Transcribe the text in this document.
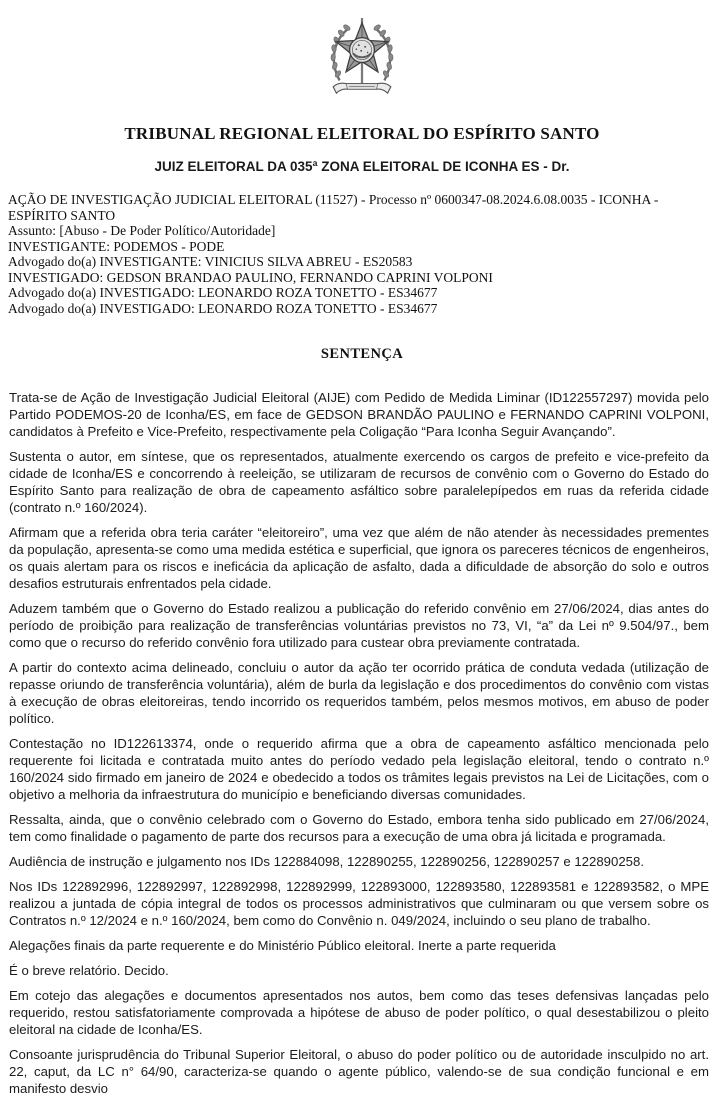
TRIBUNAL REGIONAL ELEITORAL DO ESPÍRITO SANTO
JUIZ ELEITORAL DA 035ª ZONA ELEITORAL DE ICONHA ES - Dr.
AÇÃO DE INVESTIGAÇÃO JUDICIAL ELEITORAL (11527) - Processo nº 0600347-08.2024.6.08.0035 - ICONHA - ESPÍRITO SANTO
Assunto: [Abuso - De Poder Político/Autoridade]
INVESTIGANTE: PODEMOS - PODE
Advogado do(a) INVESTIGANTE: VINICIUS SILVA ABREU - ES20583
INVESTIGADO: GEDSON BRANDAO PAULINO, FERNANDO CAPRINI VOLPONI
Advogado do(a) INVESTIGADO: LEONARDO ROZA TONETTO - ES34677
Advogado do(a) INVESTIGADO: LEONARDO ROZA TONETTO - ES34677
SENTENÇA

Trata-se de Ação de Investigação Judicial Eleitoral (AIJE) com Pedido de Medida Liminar (ID122557297) movida pelo Partido PODEMOS-20 de Iconha/ES, em face de GEDSON BRANDÃO PAULINO e FERNANDO CAPRINI VOLPONI, candidatos à Prefeito e Vice-Prefeito, respectivamente pela Coligação “Para Iconha Seguir Avançando”.

Sustenta o autor, em síntese, que os representados, atualmente exercendo os cargos de prefeito e vice-prefeito da cidade de Iconha/ES e concorrendo à reeleição, se utilizaram de recursos de convênio com o Governo do Estado do Espírito Santo para realização de obra de capeamento asfáltico sobre paralelepípedos em ruas da referida cidade (contrato n.º 160/2024).

Afirmam que a referida obra teria caráter “eleitoreiro”, uma vez que além de não atender às necessidades prementes da população, apresenta-se como uma medida estética e superficial, que ignora os pareceres técnicos de engenheiros, os quais alertam para os riscos e ineficácia da aplicação de asfalto, dada a dificuldade de absorção do solo e outros desafios estruturais enfrentados pela cidade.

Aduzem também que o Governo do Estado realizou a publicação do referido convênio em 27/06/2024, dias antes do período de proibição para realização de transferências voluntárias previstos no 73, VI, “a” da Lei nº 9.504/97., bem como que o recurso do referido convênio fora utilizado para custear obra previamente contratada.

A partir do contexto acima delineado, concluiu o autor da ação ter ocorrido prática de conduta vedada (utilização de repasse oriundo de transferência voluntária), além de burla da legislação e dos procedimentos do convênio com vistas à execução de obras eleitoreiras, tendo incorrido os requeridos também, pelos mesmos motivos, em abuso de poder político.

Contestação no ID122613374, onde o requerido afirma que a obra de capeamento asfáltico mencionada pelo requerente foi licitada e contratada muito antes do período vedado pela legislação eleitoral, tendo o contrato n.º 160/2024 sido firmado em janeiro de 2024 e obedecido a todos os trâmites legais previstos na Lei de Licitações, com o objetivo a melhoria da infraestrutura do município e beneficiando diversas comunidades.

Ressalta, ainda, que o convênio celebrado com o Governo do Estado, embora tenha sido publicado em 27/06/2024, tem como finalidade o pagamento de parte dos recursos para a execução de uma obra já licitada e programada.

Audiência de instrução e julgamento nos IDs 122884098, 122890255, 122890256, 122890257 e 122890258.

Nos IDs 122892996, 122892997, 122892998, 122892999, 122893000, 122893580, 122893581 e 122893582, o MPE realizou a juntada de cópia integral de todos os processos administrativos que culminaram ou que versem sobre os Contratos n.º 12/2024 e n.º 160/2024, bem como do Convênio n. 049/2024, incluindo o seu plano de trabalho.

Alegações finais da parte requerente e do Ministério Público eleitoral. Inerte a parte requerida

É o breve relatório. Decido.

Em cotejo das alegações e documentos apresentados nos autos, bem como das teses defensivas lançadas pelo requerido, restou satisfatoriamente comprovada a hipótese de abuso de poder político, o qual desestabilizou o pleito eleitoral na cidade de Iconha/ES.

Consoante jurisprudência do Tribunal Superior Eleitoral, o abuso do poder político ou de autoridade insculpido no art. 22, caput, da LC n° 64/90, caracteriza-se quando o agente público, valendo-se de sua condição funcional e em manifesto desvio
